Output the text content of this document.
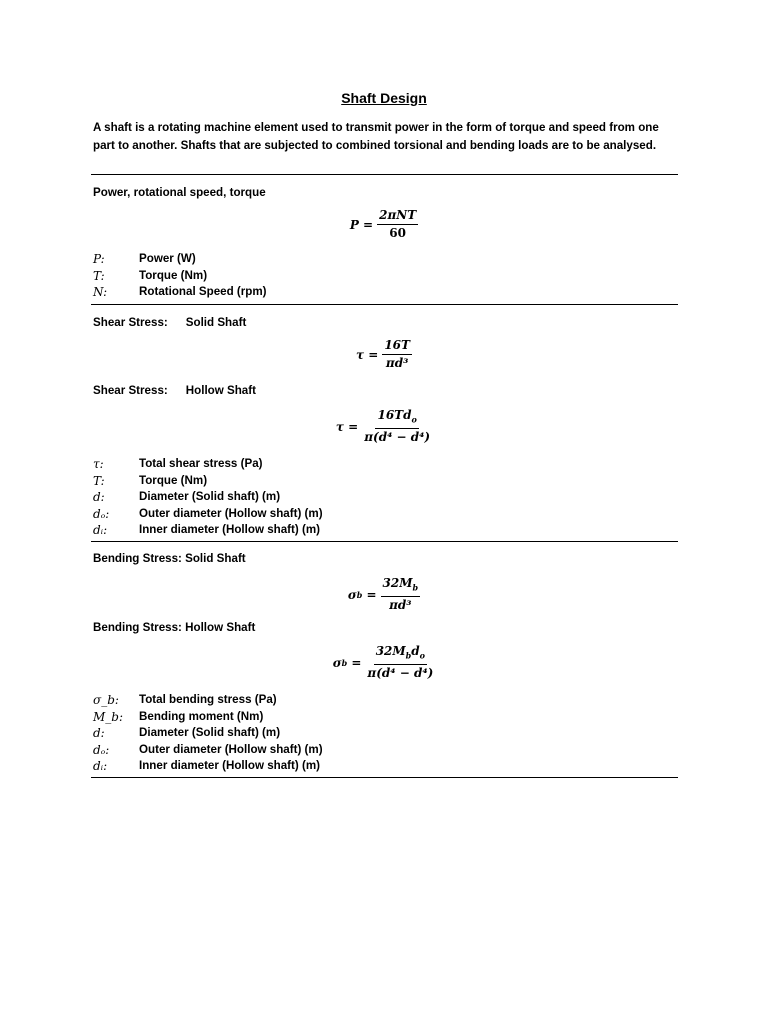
Shaft Design
A shaft is a rotating machine element used to transmit power in the form of torque and speed from one part to another. Shafts that are subjected to combined torsional and bending loads are to be analysed.
Power, rotational speed, torque
$P = \frac{\text{2πNT}}{60}$
P:	Power (W)
T:	Torque (Nm)
N:	Rotational Speed (rpm)
Shear Stress: Solid Shaft
$\tau = \frac{16T}{\text{πd³}}$
Shear Stress: Hollow Shaft
$\tau = \frac{16Td_o}{\text{π(d⁴ − d⁴)}}$
τ:	Total shear stress (Pa)
T:	Torque (Nm)
d:	Diameter (Solid shaft) (m)
dₒ:	Outer diameter (Hollow shaft) (m)
dᵢ:	Inner diameter (Hollow shaft) (m)
Bending Stress: Solid Shaft
σ $b = \frac{32M_b}{\text{πd³}}$
Bending Stress: Hollow Shaft
σ $b = \frac{32M_bd_o}{\text{π(d⁴ − d⁴)}}$
σ_b:	Total bending stress (Pa)
M_b:	Bending moment (Nm)
d:	Diameter (Solid shaft) (m)
dₒ:	Outer diameter (Hollow shaft) (m)
dᵢ:	Inner diameter (Hollow shaft) (m)
